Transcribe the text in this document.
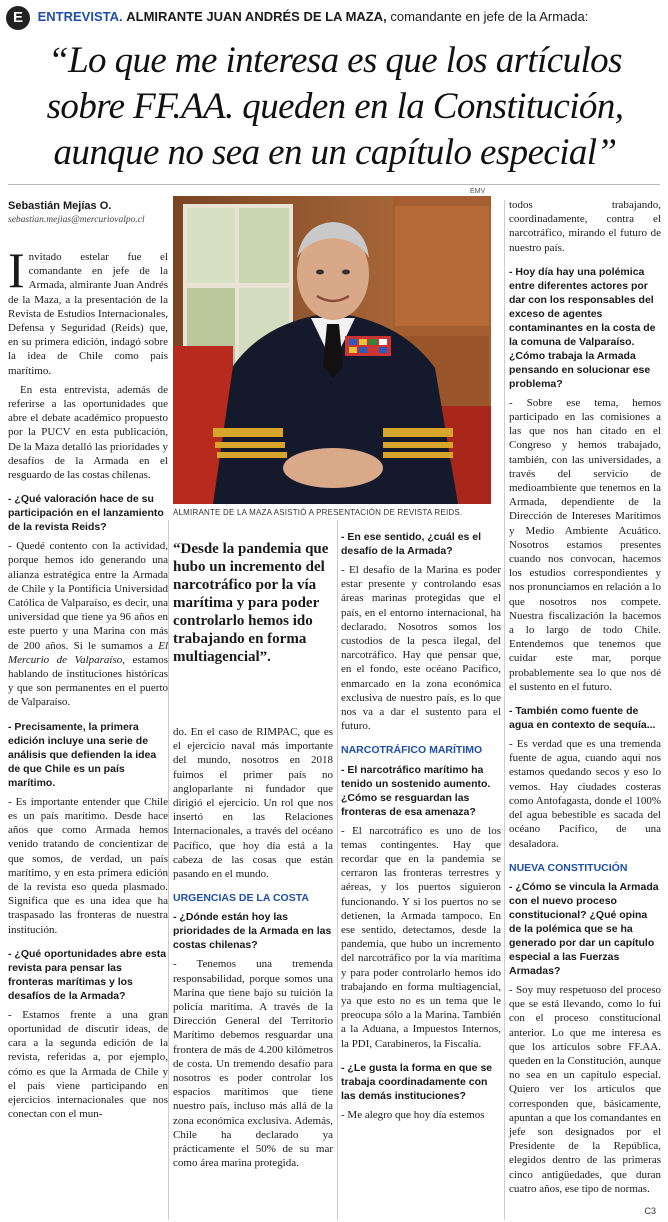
E ENTREVISTA. ALMIRANTE JUAN ANDRÉS DE LA MAZA, comandante en jefe de la Armada:
“Lo que me interesa es que los artículos
sobre FF.AA. queden en la Constitución,
aunque no sea en un capítulo especial”
Sebastián Mejías O.
sebastian.mejias@mercuriovalpo.cl

Invitado estelar fue el comandante en jefe de la Armada, almirante Juan Andrés de la Maza, a la presentación de la Revista de Estudios Internacionales, Defensa y Seguridad (Reids) que, en su primera edición, indagó sobre la idea de Chile como país marítimo.

En esta entrevista, además de referirse a las oportunidades que abre el debate académico propuesto por la PUCV en esta publicación, De la Maza detalló las prioridades y desafíos de la Armada en el resguardo de las costas chilenas.

- ¿Qué valoración hace de su participación en el lanzamiento de la revista Reids?

- Quedé contento con la actividad, porque hemos ido generando una alianza estratégica entre la Armada de Chile y la Pontificia Universidad Católica de Valparaíso, es decir, una universidad que tiene ya 96 años en este puerto y una Marina con más de 200 años. Si le sumamos a El Mercurio de Valparaíso, estamos hablando de instituciones históricas y que son permanentes en el puerto de Valparaíso.

- Precisamente, la primera edición incluye una serie de análisis que defienden la idea de que Chile es un país marítimo.

- Es importante entender que Chile es un país marítimo. Desde hace años que como Armada hemos venido tratando de concientizar de que somos, de verdad, un país marítimo, y en esta primera edición de la revista eso queda plasmado. Significa que es una idea que ha traspasado las fronteras de nuestra institución.

- ¿Qué oportunidades abre esta revista para pensar las fronteras marítimas y los desafíos de la Armada?

- Estamos frente a una gran oportunidad de discutir ideas, de cara a la segunda edición de la revista, referidas a, por ejemplo, cómo es que la Armada de Chile y el país viene participando en ejercicios internacionales que nos conectan con el mun-

EMV
ALMIRANTE DE LA MAZA ASISTIÓ A PRESENTACIÓN DE REVISTA REIDS.
“Desde la pandemia que hubo un incremento del narcotráfico por la vía marítima y para poder controlarlo hemos ido trabajando en forma multiagencial”.

do. En el caso de RIMPAC, que es el ejercicio naval más importante del mundo, nosotros en 2018 fuimos el primer país no angloparlante ni fundador que dirigió el ejercicio. Un rol que nos insertó en las Relaciones Internacionales, a través del océano Pacífico, que hoy día está a la cabeza de las cosas que están pasando en el mundo.

URGENCIAS DE LA COSTA

- ¿Dónde están hoy las prioridades de la Armada en las costas chilenas?

- Tenemos una tremenda responsabilidad, porque somos una Marina que tiene bajo su tuición la policía marítima. A través de la Dirección General del Territorio Marítimo debemos resguardar una frontera de más de 4.200 kilómetros de costa. Un tremendo desafío para nosotros es poder controlar los espacios marítimos que tiene nuestro país, incluso más allá de la zona económica exclusiva. Además, Chile ha declarado ya prácticamente el 50% de su mar como área marina protegida.

- En ese sentido, ¿cuál es el desafío de la Armada?

- El desafío de la Marina es poder estar presente y controlando esas áreas marinas protegidas que el país, en el entorno internacional, ha declarado. Nosotros somos los custodios de la pesca ilegal, del narcotráfico. Hay que pensar que, en el fondo, este océano Pacífico, enmarcado en la zona económica exclusiva de nuestro país, es lo que nos va a dar el sustento para el futuro.

NARCOTRÁFICO MARÍTIMO

- El narcotráfico marítimo ha tenido un sostenido aumento. ¿Cómo se resguardan las fronteras de esa amenaza?

- El narcotráfico es uno de los temas contingentes. Hay que recordar que en la pandemia se cerraron las fronteras terrestres y aéreas, y los puertos siguieron funcionando. Y si los puertos no se detienen, la Armada tampoco. En ese sentido, detectamos, desde la pandemia, que hubo un incremento del narcotráfico por la vía marítima y para poder controlarlo hemos ido trabajando en forma multiagencial, ya que esto no es un tema que le preocupa sólo a la Marina. También a la Aduana, a Impuestos Internos, la PDI, Carabineros, la Fiscalía.

- ¿Le gusta la forma en que se trabaja coordinadamente con las demás instituciones?

- Me alegro que hoy día estemos

todos trabajando, coordinadamente, contra el narcotráfico, mirando el futuro de nuestro país.

- Hoy día hay una polémica entre diferentes actores por dar con los responsables del exceso de agentes contaminantes en la costa de la comuna de Valparaíso. ¿Cómo trabaja la Armada pensando en solucionar ese problema?

- Sobre ese tema, hemos participado en las comisiones a las que nos han citado en el Congreso y hemos trabajado, también, con las universidades, a través del servicio de medioambiente que tenemos en la Armada, dependiente de la Dirección de Intereses Marítimos y Medio Ambiente Acuático. Nosotros estamos presentes cuando nos convocan, hacemos los estudios correspondientes y nos pronunciamos en relación a lo que nosotros nos compete. Nuestra fiscalización la hacemos a lo largo de todo Chile. Entendemos que tenemos que cuidar este mar, porque probablemente sea lo que nos dé el sustento en el futuro.

- También como fuente de agua en contexto de sequía...

- Es verdad que es una tremenda fuente de agua, cuando aquí nos estamos quedando secos y eso lo vemos. Hay ciudades costeras como Antofagasta, donde el 100% del agua bebestible es sacada del océano Pacífico, de una desaladora.

NUEVA CONSTITUCIÓN

- ¿Cómo se vincula la Armada con el nuevo proceso constitucional? ¿Qué opina de la polémica que se ha generado por dar un capítulo especial a las Fuerzas Armadas?

- Soy muy respetuoso del proceso que se está llevando, como lo fui con el proceso constitucional anterior. Lo que me interesa es que los artículos sobre FF.AA. queden en la Constitución, aunque no sea en un capítulo especial. Quiero ver los artículos que corresponden que, básicamente, apuntan a que los comandantes en jefe son designados por el Presidente de la República, elegidos dentro de las primeras cinco antigüedades, que duran cuatro años, ese tipo de normas.

C3
